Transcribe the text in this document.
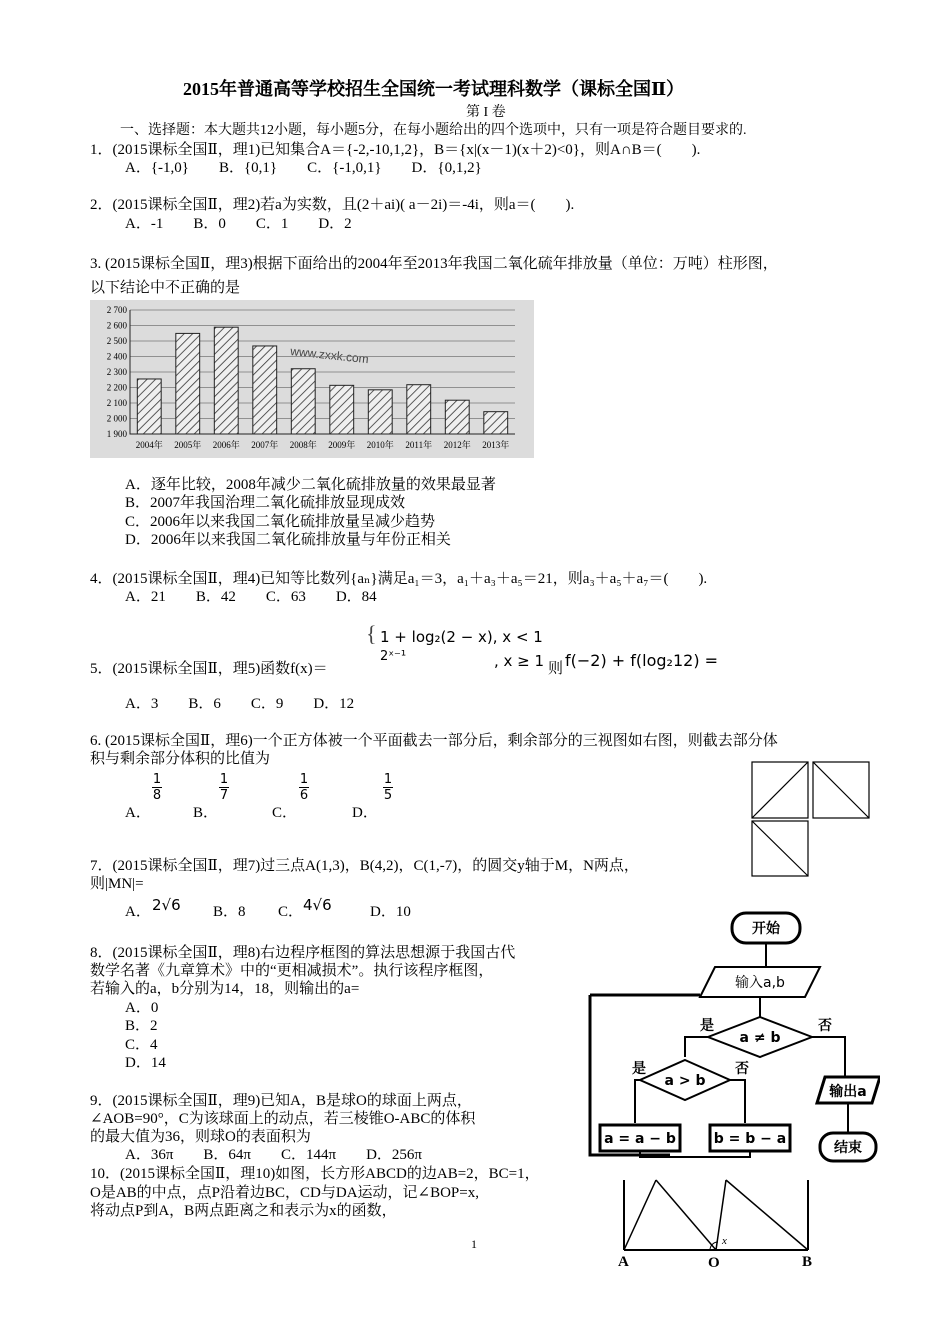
2015年普通高等学校招生全国统一考试理科数学（课标全国Ⅱ）
第 I 卷
一、选择题：本大题共12小题，每小题5分，在每小题给出的四个选项中，只有一项是符合题目要求的.
1．(2015课标全国Ⅱ，理1)已知集合A＝{-2,-10,1,2}，B＝{x|(x－1)(x＋2)<0}，则A∩B＝(　　).
A．{-1,0}　　B．{0,1}　　C．{-1,0,1}　　D．{0,1,2}
2．(2015课标全国Ⅱ，理2)若a为实数，且(2＋ai)( a－2i)＝-4i，则a＝(　　).
A．-1　　B．0　　C．1　　D．2
3. (2015课标全国Ⅱ，理3)根据下面给出的2004年至2013年我国二氧化硫年排放量（单位：万吨）柱形图，
以下结论中不正确的是
www.zxxk.com
1 900
2 000
2 100
2 200
2 300
2 400
2 500
2 600
2 700
2004年 2005年 2006年 2007年 2008年 2009年 2010年 2011年 2012年 2013年
A．逐年比较，2008年减少二氧化硫排放量的效果最显著
B．2007年我国治理二氧化硫排放显现成效
C．2006年以来我国二氧化硫排放量呈减少趋势
D．2006年以来我国二氧化硫排放量与年份正相关
4．(2015课标全国Ⅱ，理4)已知等比数列{aₙ}满足a₁＝3，a₁＋a₃＋a₅＝21，则a₃＋a₅＋a₇＝(　　).
A．21　　B．42　　C．63　　D．84
5．(2015课标全国Ⅱ，理5)函数f(x)＝
{ 1 + log₂(2 − x), x < 1
2ˣ⁻¹	, x ≥ 1 则 f(−2) + f(log₂12) =
A．3　　B．6　　C．9　　D．12
6. (2015课标全国Ⅱ，理6)一个正方体被一个平面截去一部分后，剩余部分的三视图如右图，则截去部分体
积与剩余部分体积的比值为
A．
1
8
B．
1
7
C．
1
6
D．
1
5
7．(2015课标全国Ⅱ，理7)过三点A(1,3)，B(4,2)，C(1,-7)，的圆交y轴于M，N两点，
则|MN|=
A． 2√6 B．8 C． 4√6	D．10
8．(2015课标全国Ⅱ，理8)右边程序框图的算法思想源于我国古代
数学名著《九章算术》中的“更相减损术”。执行该程序框图，
若输入的a，b分别为14，18，则输出的a=
A．0
B．2
C．4
D．14
开始
输入a,b
a ≠ b
是	否
a > b
是	否
a = a − b	b = b − a
输出a
结束
9．(2015课标全国Ⅱ，理9)已知A，B是球O的球面上两点，
∠AOB=90°，C为该球面上的动点，若三棱锥O-ABC的体积
的最大值为36，则球O的表面积为
A．36π　　B．64π　　C．144π　　D．256π
10．(2015课标全国Ⅱ，理10)如图，长方形ABCD的边AB=2，BC=1，
O是AB的中点，点P沿着边BC，CD与DA运动，记∠BOP=x,
将动点P到A，B两点距离之和表示为x的函数，
x
A	O	B
1
